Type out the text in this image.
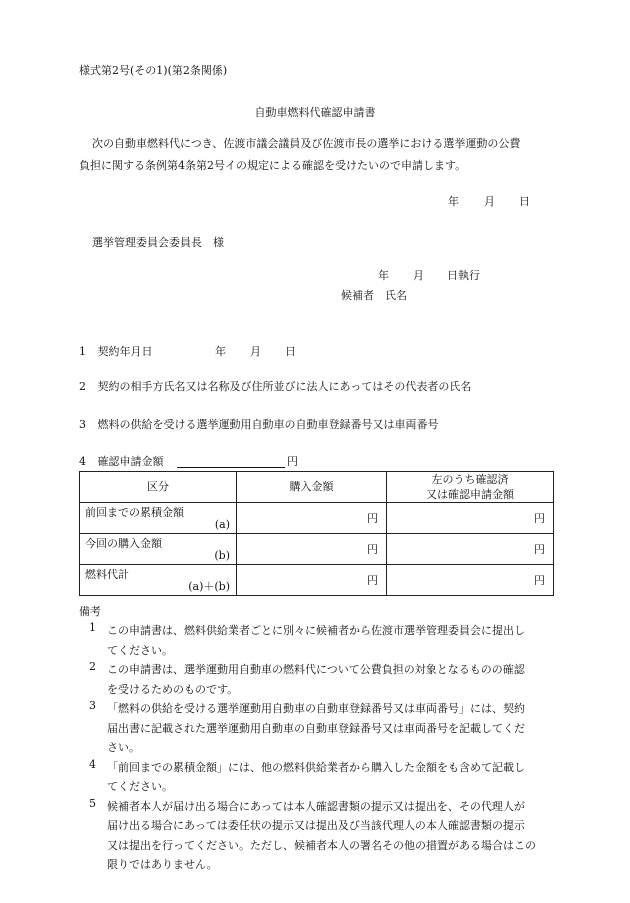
様式第2号(その1)(第2条関係)
自動車燃料代確認申請書
次の自動車燃料代につき、佐渡市議会議員及び佐渡市長の選挙における選挙運動の公費
負担に関する条例第4条第2号イの規定による確認を受けたいので申請します。
年 月 日
選挙管理委員会委員長　様
年 月 日執行
候補者　氏名
1 契約年月日	年 月 日
2 契約の相手方氏名又は名称及び住所並びに法人にあってはその代表者の氏名
3 燃料の供給を受ける選挙運動用自動車の自動車登録番号又は車両番号
4 確認申請金額	円
区分	購入金額	左のうち確認済
又は確認申請金額

前回までの累積金額
(a)	円	円

今回の購入金額
(b)	円	円

燃料代計
(a)＋(b)	円	円
備考
1 この申請書は、燃料供給業者ごとに別々に候補者から佐渡市選挙管理委員会に提出し
てください。
2 この申請書は、選挙運動用自動車の燃料代について公費負担の対象となるものの確認
を受けるためのものです。
3 「燃料の供給を受ける選挙運動用自動車の自動車登録番号又は車両番号」には、契約
届出書に記載された選挙運動用自動車の自動車登録番号又は車両番号を記載してくだ
さい。
4 「前回までの累積金額」には、他の燃料供給業者から購入した金額をも含めて記載し
てください。
5 候補者本人が届け出る場合にあっては本人確認書類の提示又は提出を、その代理人が
届け出る場合にあっては委任状の提示又は提出及び当該代理人の本人確認書類の提示
又は提出を行ってください。ただし、候補者本人の署名その他の措置がある場合はこの
限りではありません。
